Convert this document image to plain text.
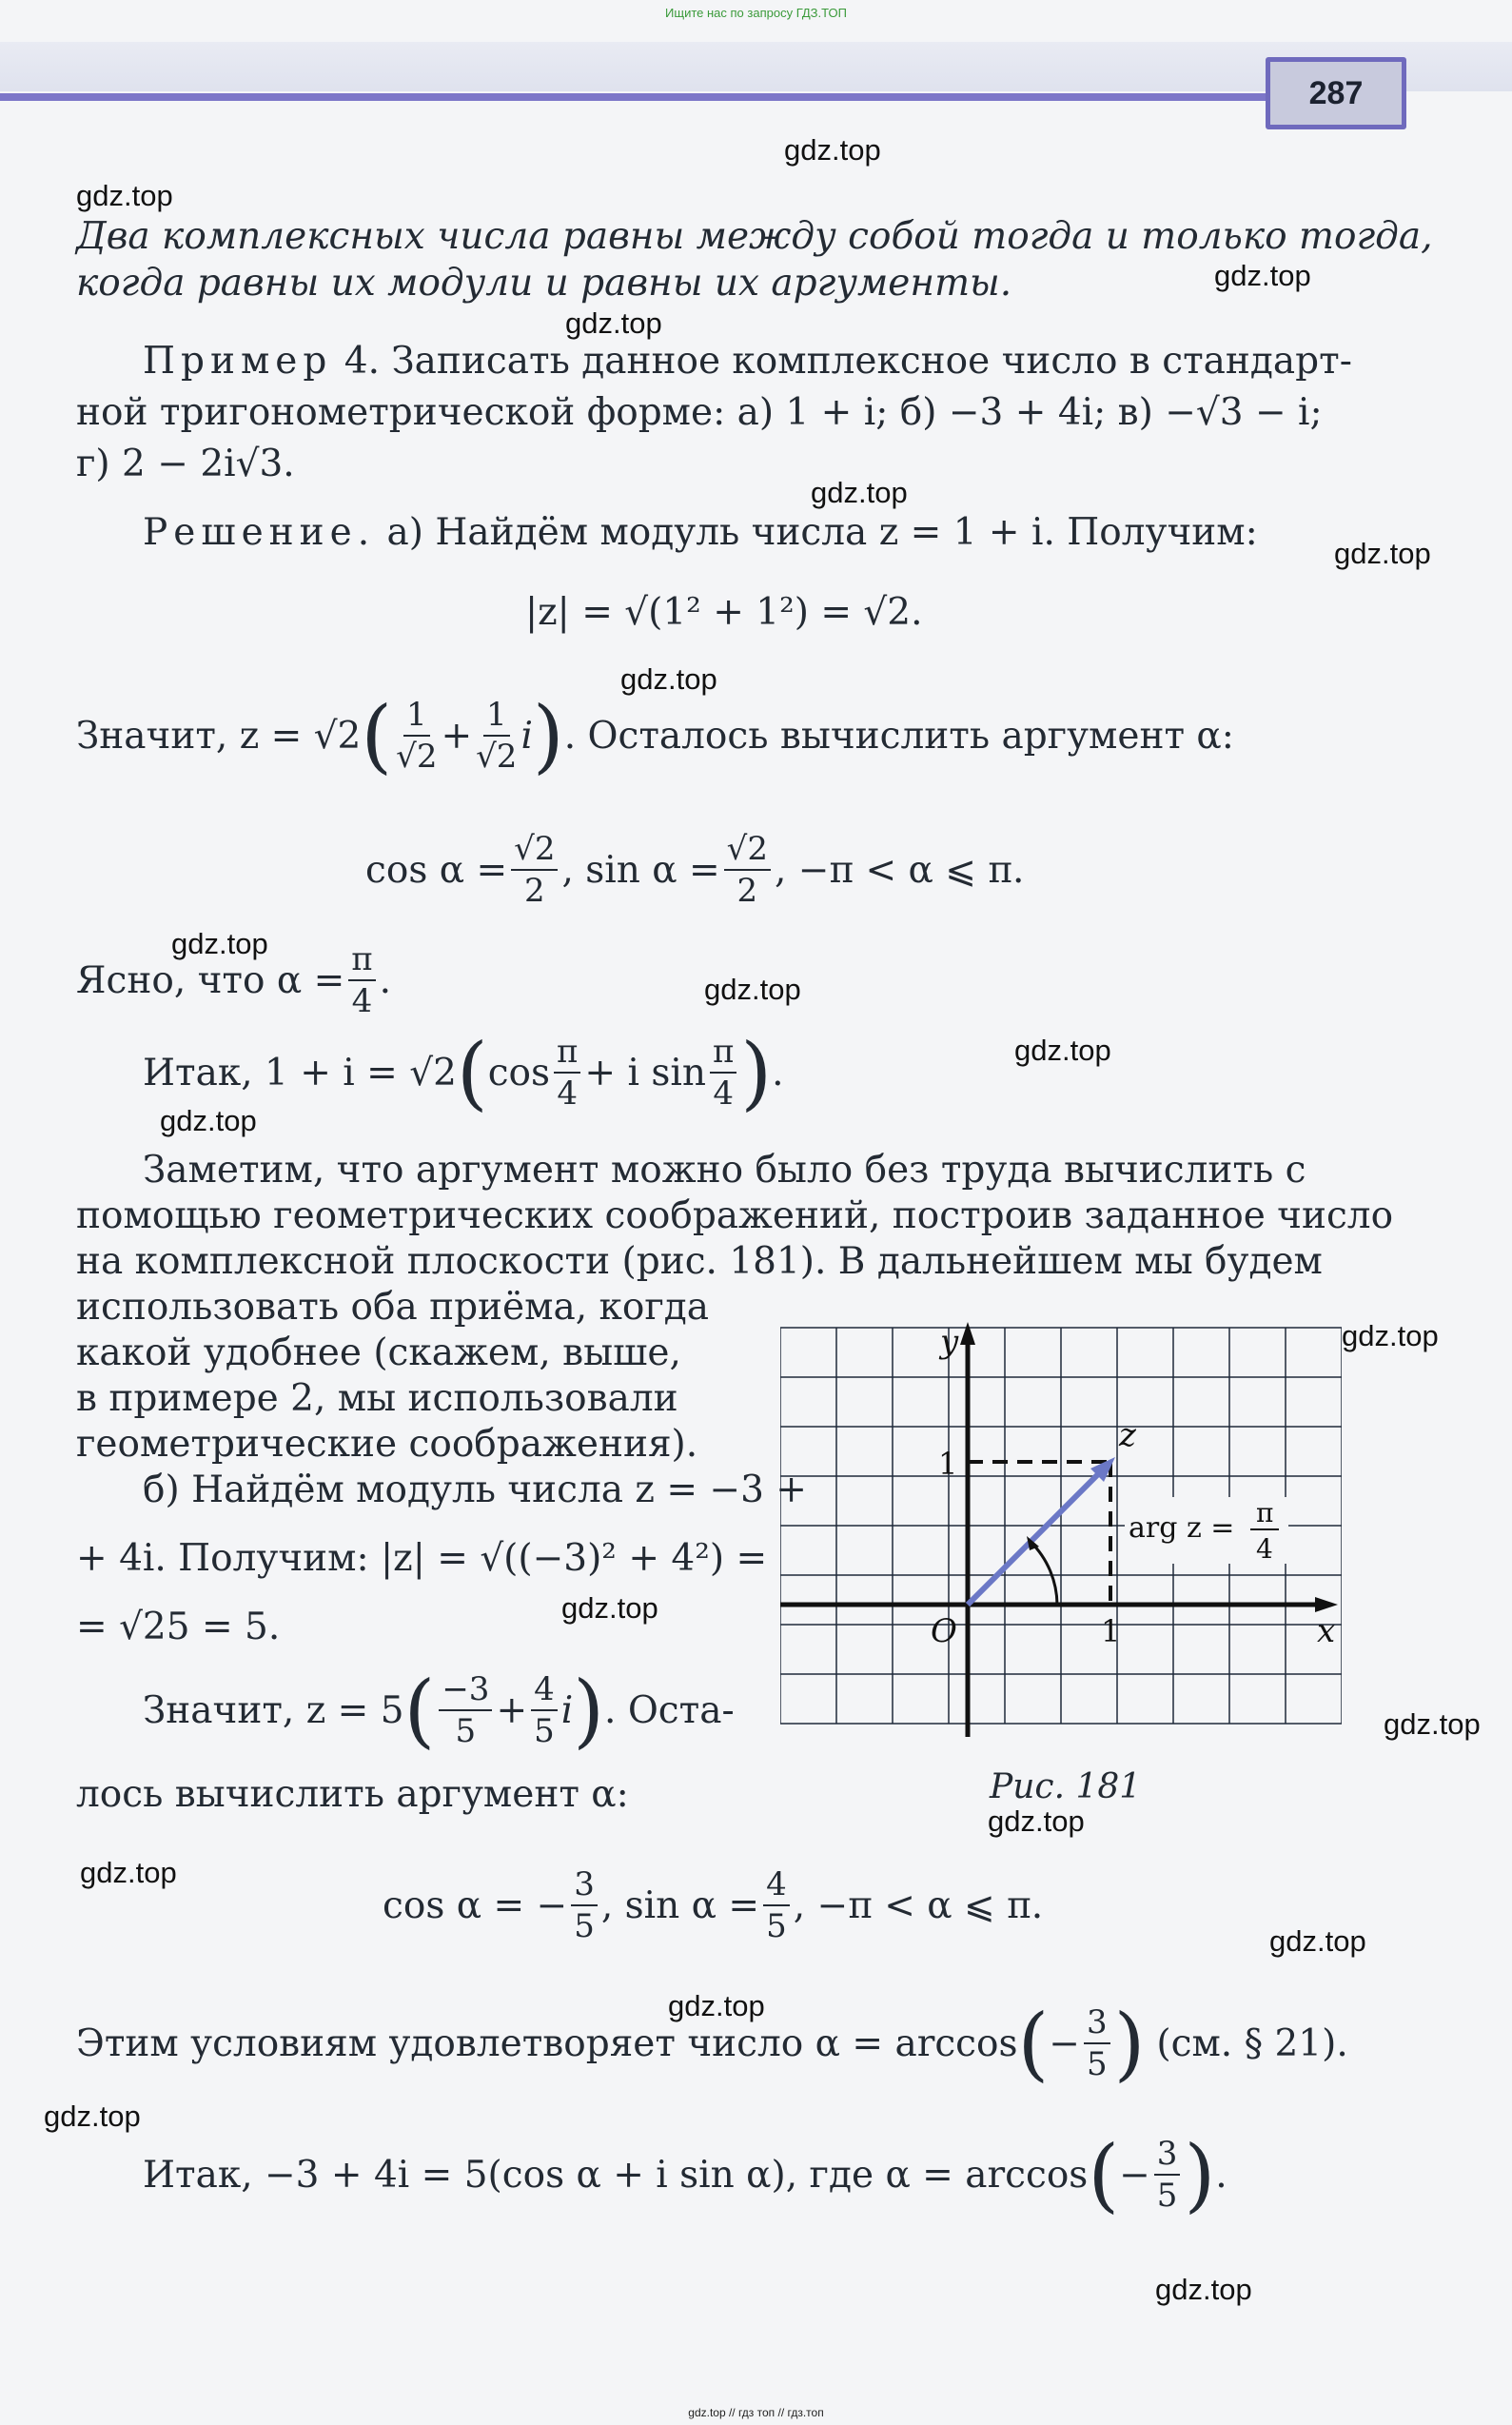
Ищите нас по запросу ГДЗ.ТОП
287
gdz.top
gdz.top
gdz.top
gdz.top
gdz.top
gdz.top
gdz.top
gdz.top
gdz.top
gdz.top
gdz.top
gdz.top
gdz.top
gdz.top
gdz.top
gdz.top
gdz.top
gdz.top
gdz.top
gdz.top
Два комплексных числа равны между собой тогда и только тогда,
когда равны их модули и равны их аргументы.
Пример 4. Записать данное комплексное число в стандарт-
ной тригонометрической форме: а) 1 + i; б) −3 + 4i; в) −√3 − i;
г) 2 − 2i√3.
Решение. а) Найдём модуль числа z = 1 + i. Получим:
|z| = √(1² + 1²) = √2.
Значит, z = √2 ( $\frac{1}{√2} + \frac{1}{√2}$ i ) . Осталось вычислить аргумент α:
$\cos \alpha = \frac{√2}{2}$ , $\sin \alpha = \frac{√2}{2}$ , −π < α ⩽ π.
Ясно, что $\alpha = \frac{\pi}{4}$ .
Итак, 1 + i = √2 ( $\cos \frac{\pi}{4} + i$ $\sin \frac{\pi}{4}$ ) .
Заметим, что аргумент можно было без труда вычислить с
помощью геометрических соображений, построив заданное число
на комплексной плоскости (рис. 181). В дальнейшем мы будем
использовать оба приёма, когда
какой удобнее (скажем, выше,
в примере 2, мы использовали
геометрические соображения).
б) Найдём модуль числа z = −3 +
+ 4i. Получим: |z| = √((−3)² + 4²) =
= √25 = 5.
Значит, z = 5 ( $\frac{-3}{5} + \frac{4}{5}$ i ) . Оста-
лось вычислить аргумент α:
cos α = − $\frac{3}{5}$ , $\sin \alpha = \frac{4}{5}$ , −π < α ⩽ π.
Этим условиям удовлетворяет число α = arccos ( − $\frac{3}{5}$ ) (см. § 21).
Итак, −3 + 4i = 5(cos α + i sin α), где α = arccos ( − $\frac{3}{5}$ ) .
y
x
O	1
1
z
arg z = π
4
Рис. 181
gdz.top // гдз топ // гдз.топ
